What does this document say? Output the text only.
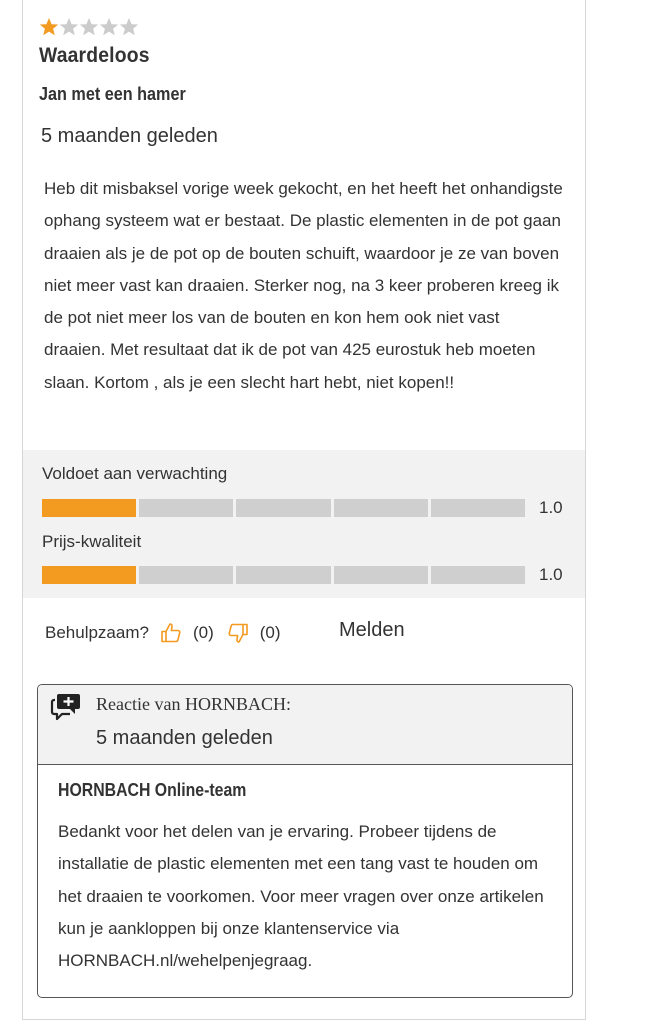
Waardeloos
Jan met een hamer
5 maanden geleden
Heb dit misbaksel vorige week gekocht, en het heeft het onhandigste ophang systeem wat er bestaat. De plastic elementen in de pot gaan draaien als je de pot op de bouten schuift, waardoor je ze van boven niet meer vast kan draaien. Sterker nog, na 3 keer proberen kreeg ik de pot niet meer los van de bouten en kon hem ook niet vast draaien. Met resultaat dat ik de pot van 425 eurostuk heb moeten slaan. Kortom , als je een slecht hart hebt, niet kopen!!
Voldoet aan verwachting
1.0
Prijs-kwaliteit
1.0
Behulpzaam?	(0)	(0)	Melden
Reactie van HORNBACH:
5 maanden geleden
HORNBACH Online-team
Bedankt voor het delen van je ervaring. Probeer tijdens de installatie de plastic elementen met een tang vast te houden om het draaien te voorkomen. Voor meer vragen over onze artikelen kun je aankloppen bij onze klantenservice via HORNBACH.nl/wehelpenjegraag.
